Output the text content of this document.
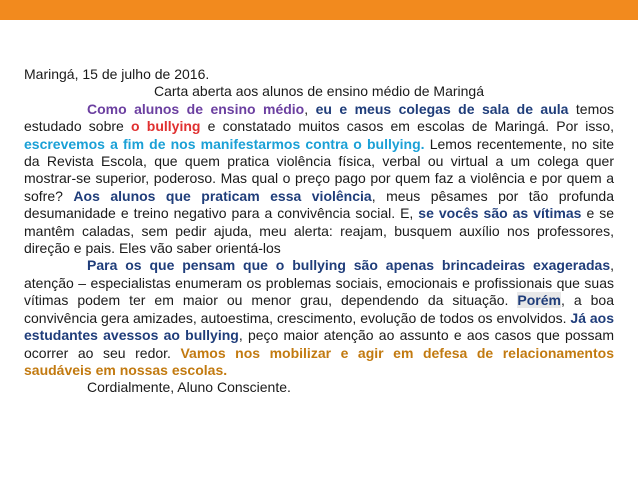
Maringá, 15 de julho de 2016.

Carta aberta aos alunos de ensino médio de Maringá

Como alunos de ensino médio, eu e meus colegas de sala de aula temos estudado sobre o bullying e constatado muitos casos em escolas de Maringá. Por isso, escrevemos a fim de nos manifestarmos contra o bullying. Lemos recentemente, no site da Revista Escola, que quem pratica violência física, verbal ou virtual a um colega quer mostrar-se superior, poderoso. Mas qual o preço pago por quem faz a violência e por quem a sofre? Aos alunos que praticam essa violência, meus pêsames por tão profunda desumanidade e treino negativo para a convivência social. E, se vocês são as vítimas e se mantêm caladas, sem pedir ajuda, meu alerta: reajam, busquem auxílio nos professores, direção e pais. Eles vão saber orientá-los

Para os que pensam que o bullying são apenas brincadeiras exageradas, atenção – especialistas enumeram os problemas sociais, emocionais e profissionais que suas vítimas podem ter em maior ou menor grau, dependendo da situação. Porém, a boa convivência gera amizades, autoestima, crescimento, evolução de todos os envolvidos. Já aos estudantes avessos ao bullying, peço maior atenção ao assunto e aos casos que possam ocorrer ao seu redor. Vamos nos mobilizar e agir em defesa de relacionamentos saudáveis em nossas escolas.

Cordialmente, Aluno Consciente.
